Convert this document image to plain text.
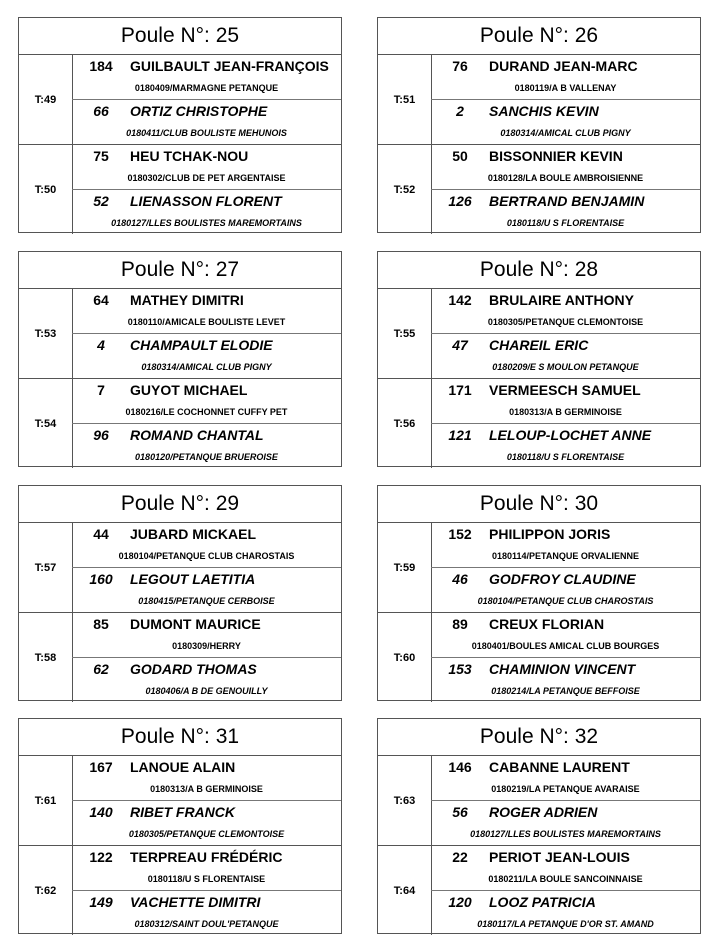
Poule N°: 25
T:49
184	GUILBAULT JEAN-FRANÇOIS
0180409/MARMAGNE PETANQUE
66	ORTIZ CHRISTOPHE
0180411/CLUB BOULISTE MEHUNOIS
T:50
75	HEU TCHAK-NOU
0180302/CLUB DE PET ARGENTAISE
52	LIENASSON FLORENT
0180127/LLES BOULISTES MAREMORTAINS
Poule N°: 26
T:51
76	DURAND JEAN-MARC
0180119/A B VALLENAY
2	SANCHIS KEVIN
0180314/AMICAL CLUB PIGNY
T:52
50	BISSONNIER KEVIN
0180128/LA BOULE AMBROISIENNE
126	BERTRAND BENJAMIN
0180118/U S FLORENTAISE
Poule N°: 27
T:53
64	MATHEY DIMITRI
0180110/AMICALE BOULISTE LEVET
4	CHAMPAULT ELODIE
0180314/AMICAL CLUB PIGNY
T:54
7	GUYOT MICHAEL
0180216/LE COCHONNET CUFFY PET
96	ROMAND CHANTAL
0180120/PETANQUE BRUEROISE
Poule N°: 28
T:55
142	BRULAIRE ANTHONY
0180305/PETANQUE CLEMONTOISE
47	CHAREIL ERIC
0180209/E S MOULON PETANQUE
T:56
171	VERMEESCH SAMUEL
0180313/A B GERMINOISE
121	LELOUP-LOCHET ANNE
0180118/U S FLORENTAISE
Poule N°: 29
T:57
44	JUBARD MICKAEL
0180104/PETANQUE CLUB CHAROSTAIS
160	LEGOUT LAETITIA
0180415/PETANQUE CERBOISE
T:58
85	DUMONT MAURICE
0180309/HERRY
62	GODARD THOMAS
0180406/A B DE GENOUILLY
Poule N°: 30
T:59
152	PHILIPPON JORIS
0180114/PETANQUE ORVALIENNE
46	GODFROY CLAUDINE
0180104/PETANQUE CLUB CHAROSTAIS
T:60
89	CREUX FLORIAN
0180401/BOULES AMICAL CLUB BOURGES
153	CHAMINION VINCENT
0180214/LA PETANQUE BEFFOISE
Poule N°: 31
T:61
167	LANOUE ALAIN
0180313/A B GERMINOISE
140	RIBET FRANCK
0180305/PETANQUE CLEMONTOISE
T:62
122	TERPREAU FRÉDÉRIC
0180118/U S FLORENTAISE
149	VACHETTE DIMITRI
0180312/SAINT DOUL'PETANQUE
Poule N°: 32
T:63
146	CABANNE LAURENT
0180219/LA PETANQUE AVARAISE
56	ROGER ADRIEN
0180127/LLES BOULISTES MAREMORTAINS
T:64
22	PERIOT JEAN-LOUIS
0180211/LA BOULE SANCOINNAISE
120	LOOZ PATRICIA
0180117/LA PETANQUE D'OR ST. AMAND
